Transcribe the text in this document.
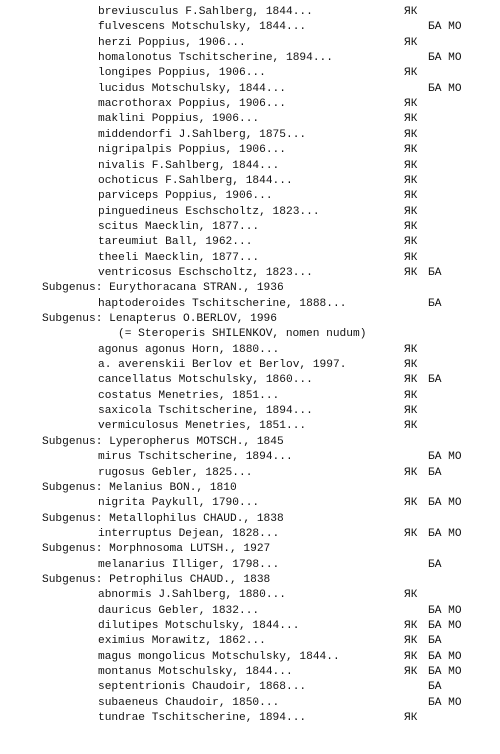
breviusculus F.Sahlberg, 1844...	ЯК
fulvescens Motschulsky, 1844...	БА МО
herzi Poppius, 1906...	ЯК
homalonotus Tschitscherine, 1894...	БА МО
longipes Poppius, 1906...	ЯК
lucidus Motschulsky, 1844...	БА МО
macrothorax Poppius, 1906...	ЯК
maklini Poppius, 1906...	ЯК
middendorfi J.Sahlberg, 1875...	ЯК
nigripalpis Poppius, 1906...	ЯК
nivalis F.Sahlberg, 1844...	ЯК
ochoticus F.Sahlberg, 1844...	ЯК
parviceps Poppius, 1906...	ЯК
pinguedineus Eschscholtz, 1823...	ЯК
scitus Maecklin, 1877...	ЯК
tareumiut Ball, 1962...	ЯК
theeli Maecklin, 1877...	ЯК
ventricosus Eschscholtz, 1823...	ЯК БА
Subgenus: Eurythoracana STRAN., 1936
haptoderoides Tschitscherine, 1888...	БА
Subgenus: Lenapterus O.BERLOV, 1996
(= Steroperis SHILENKOV, nomen nudum)
agonus agonus Horn, 1880...	ЯК
a. averenskii Berlov et Berlov, 1997.	ЯК
cancellatus Motschulsky, 1860...	ЯК БА
costatus Menetries, 1851...	ЯК
saxicola Tschitscherine, 1894...	ЯК
vermiculosus Menetries, 1851...	ЯК
Subgenus: Lyperopherus MOTSCH., 1845
mirus Tschitscherine, 1894...	БА МО
rugosus Gebler, 1825...	ЯК БА
Subgenus: Melanius BON., 1810
nigrita Paykull, 1790...	ЯК БА МО
Subgenus: Metallophilus CHAUD., 1838
interruptus Dejean, 1828...	ЯК БА МО
Subgenus: Morphnosoma LUTSH., 1927
melanarius Illiger, 1798...	БА
Subgenus: Petrophilus CHAUD., 1838
abnormis J.Sahlberg, 1880...	ЯК
dauricus Gebler, 1832...	БА МО
dilutipes Motschulsky, 1844...	ЯК БА МО
eximius Morawitz, 1862...	ЯК БА
magus mongolicus Motschulsky, 1844..	ЯК БА МО
montanus Motschulsky, 1844...	ЯК БА МО
septentrionis Chaudoir, 1868...	БА
subaeneus Chaudoir, 1850...	БА МО
tundrae Tschitscherine, 1894...	ЯК
